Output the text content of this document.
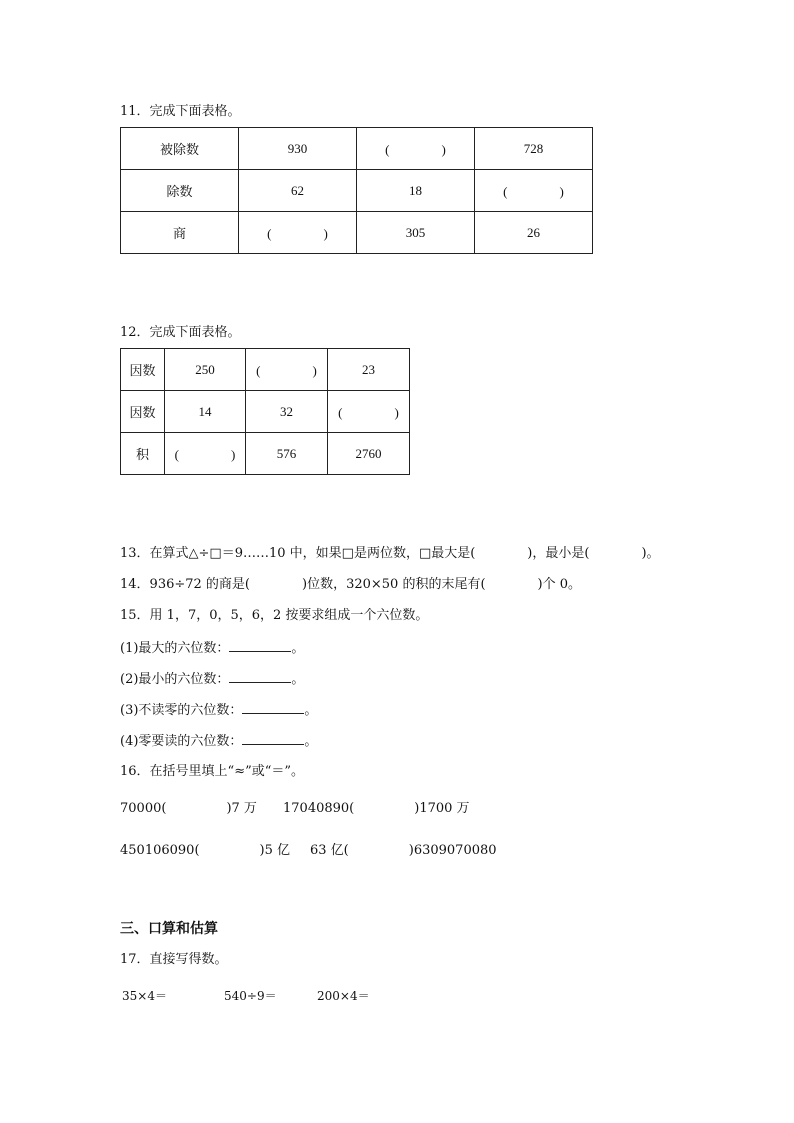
11．完成下面表格。
被除数	930	(　　　　)	728
除数	62	18	(　　　　)
商	(　　　　)	305	26
12．完成下面表格。
因数	250	(　　　　)	23
因数	14	32	(　　　　)
积	(　　　　)	576	2760
13．在算式△÷□＝9……10 中，如果□是两位数，□最大是(　　　　)，最小是(　　　　)。
14．936÷72 的商是(　　　　)位数，320×50 的积的末尾有(　　　　)个 0。
15．用 1，7，0，5，6，2 按要求组成一个六位数。
(1)最大的六位数：	。
(2)最小的六位数：	。
(3)不读零的六位数：	。
(4)零要读的六位数：	。
16．在括号里填上“≈”或“＝”。
70000(	)7 万 17040890(	)1700 万
450106090(	)5 亿 63 亿(	)6309070080
三、口算和估算
17．直接写得数。
35×4＝	540÷9＝	200×4＝
